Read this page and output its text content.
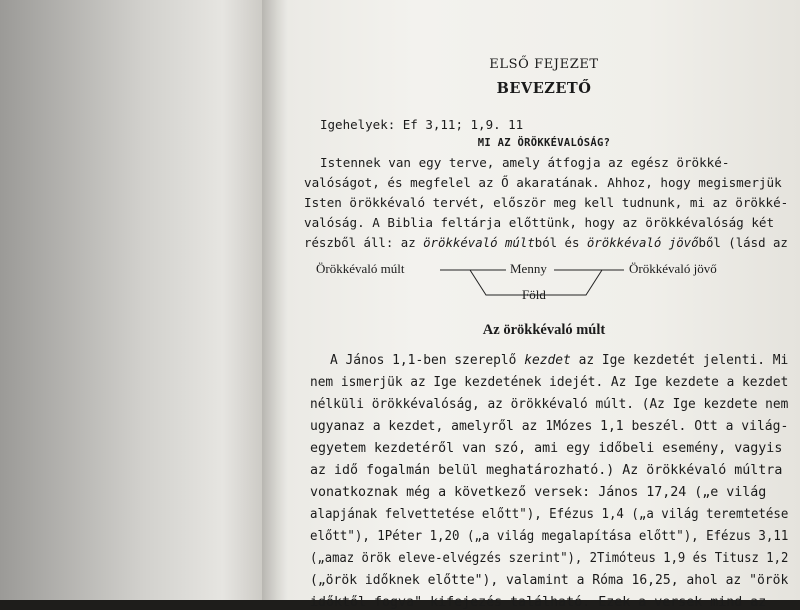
ELSŐ FEJEZET
BEVEZETŐ
Igehelyek: Ef 3,11; 1,9. 11
MI AZ ÖRÖKKÉVALÓSÁG?
Istennek van egy terve, amely átfogja az egész örökké-
valóságot, és megfelel az Ő akaratának. Ahhoz, hogy megismerjük
Isten örökkévaló tervét, először meg kell tudnunk, mi az örökké-
valóság. A Biblia feltárja előttünk, hogy az örökkévalóság két
részből áll: az örökkévaló múltból és örökkévaló jövőből (lásd az
Örökkévaló múlt	Menny	Örökkévaló jövő
Föld
Az örökkévaló múlt
A János 1,1-ben szereplő kezdet az Ige kezdetét jelenti. Mi
nem ismerjük az Ige kezdetének idejét. Az Ige kezdete a kezdet
nélküli örökkévalóság, az örökkévaló múlt. (Az Ige kezdete nem
ugyanaz a kezdet, amelyről az 1Mózes 1,1 beszél. Ott a világ-
egyetem kezdetéről van szó, ami egy időbeli esemény, vagyis
az idő fogalmán belül meghatározható.) Az örökkévaló múltra
vonatkoznak még a következő versek: János 17,24 („e világ
alapjának felvettetése előtt"), Efézus 1,4 („a világ teremtetése
előtt"), 1Péter 1,20 („a világ megalapítása előtt"), Efézus 3,11
(„amaz örök eleve-elvégzés szerint"), 2Timóteus 1,9 és Titusz 1,2
(„örök időknek előtte"), valamint a Róma 16,25, ahol az "örök
időktől fogva" kifejezés található. Ezek a versek mind az
